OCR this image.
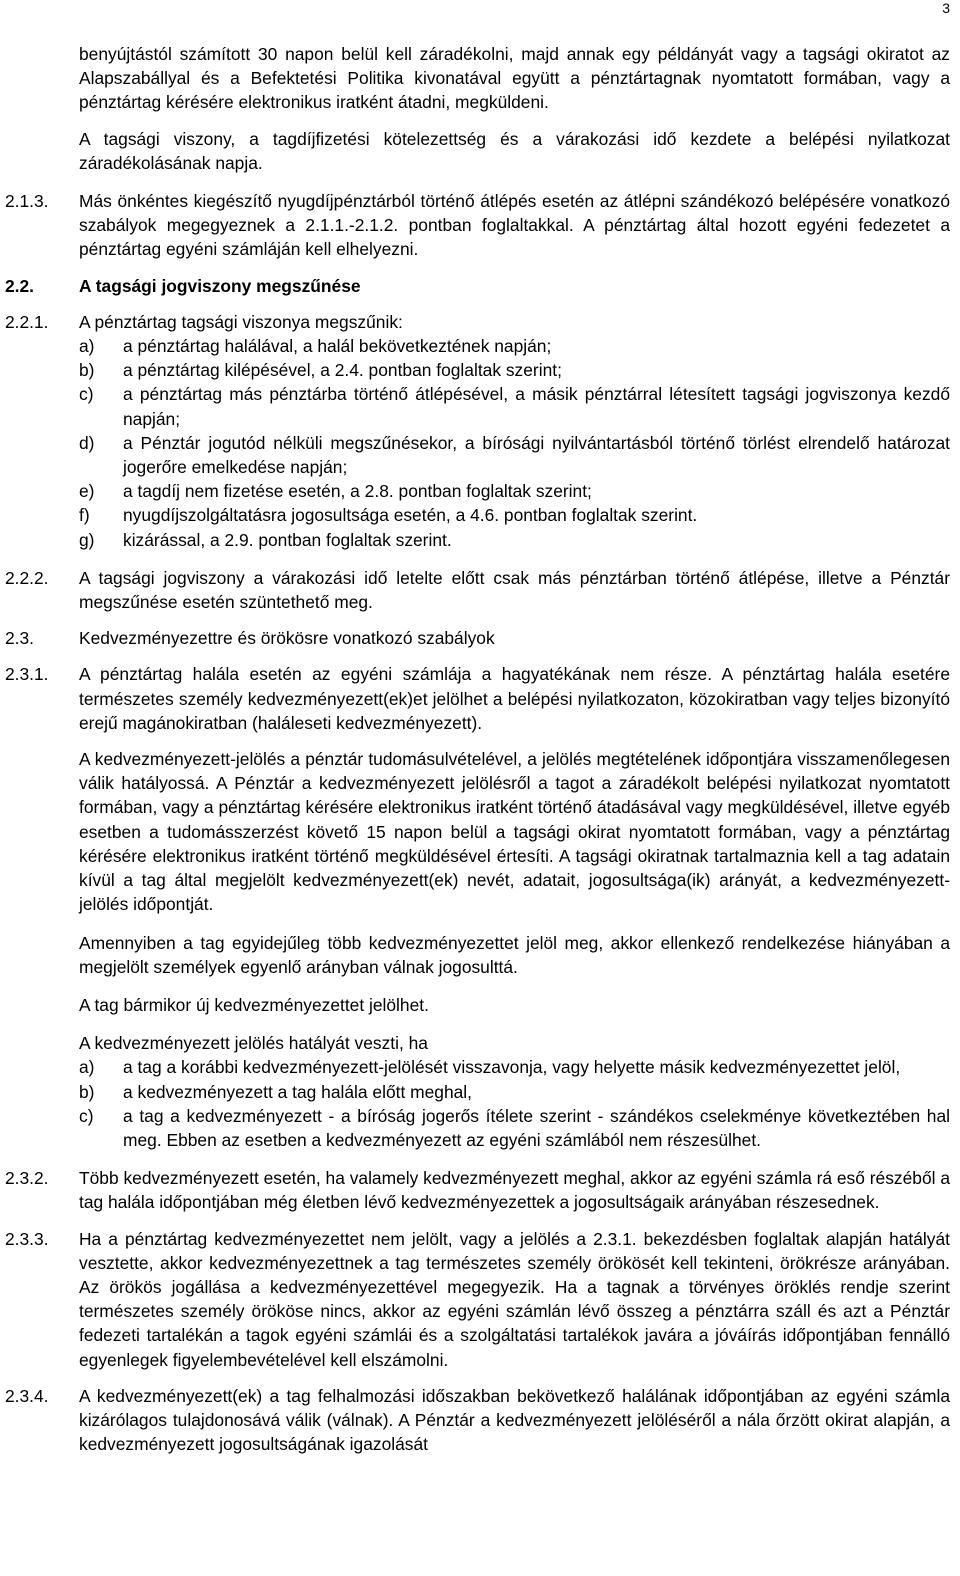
3

benyújtástól számított 30 napon belül kell záradékolni, majd annak egy példányát vagy a tagsági okiratot az Alapszabállyal és a Befektetési Politika kivonatával együtt a pénztártagnak nyomtatott formában, vagy a pénztártag kérésére elektronikus iratként átadni, megküldeni.

A tagsági viszony, a tagdíjfizetési kötelezettség és a várakozási idő kezdete a belépési nyilatkozat záradékolásának napja.

2.1.3. Más önkéntes kiegészítő nyugdíjpénztárból történő átlépés esetén az átlépni szándékozó belépésére vonatkozó szabályok megegyeznek a 2.1.1.-2.1.2. pontban foglaltakkal. A pénztártag által hozott egyéni fedezetet a pénztártag egyéni számláján kell elhelyezni.
2.2.	A tagsági jogviszony megszűnése
2.2.1. A pénztártag tagsági viszonya megszűnik:
a) a pénztártag halálával, a halál bekövetkeztének napján;
b) a pénztártag kilépésével, a 2.4. pontban foglaltak szerint;
c) a pénztártag más pénztárba történő átlépésével, a másik pénztárral létesített tagsági jogviszonya kezdő napján;
d) a Pénztár jogutód nélküli megszűnésekor, a bírósági nyilvántartásból történő törlést elrendelő határozat jogerőre emelkedése napján;
e) a tagdíj nem fizetése esetén, a 2.8. pontban foglaltak szerint;
f) nyugdíjszolgáltatásra jogosultsága esetén, a 4.6. pontban foglaltak szerint.
g) kizárással, a 2.9. pontban foglaltak szerint.
2.2.2. A tagsági jogviszony a várakozási idő letelte előtt csak más pénztárban történő átlépése, illetve a Pénztár megszűnése esetén szüntethető meg.
2.3.	Kedvezményezettre és örökösre vonatkozó szabályok
2.3.1. A pénztártag halála esetén az egyéni számlája a hagyatékának nem része. A pénztártag halála esetére természetes személy kedvezményezett(ek)et jelölhet a belépési nyilatkozaton, közokiratban vagy teljes bizonyító erejű magánokiratban (haláleseti kedvezményezett).

A kedvezményezett-jelölés a pénztár tudomásulvételével, a jelölés megtételének időpontjára visszamenőlegesen válik hatályossá. A Pénztár a kedvezményezett jelölésről a tagot a záradékolt belépési nyilatkozat nyomtatott formában, vagy a pénztártag kérésére elektronikus iratként történő átadásával vagy megküldésével, illetve egyéb esetben a tudomásszerzést követő 15 napon belül a tagsági okirat nyomtatott formában, vagy a pénztártag kérésére elektronikus iratként történő megküldésével értesíti. A tagsági okiratnak tartalmaznia kell a tag adatain kívül a tag által megjelölt kedvezményezett(ek) nevét, adatait, jogosultsága(ik) arányát, a kedvezményezett-jelölés időpontját.

Amennyiben a tag egyidejűleg több kedvezményezettet jelöl meg, akkor ellenkező rendelkezése hiányában a megjelölt személyek egyenlő arányban válnak jogosulttá.

A tag bármikor új kedvezményezettet jelölhet.

A kedvezményezett jelölés hatályát veszti, ha

a) a tag a korábbi kedvezményezett-jelölését visszavonja, vagy helyette másik kedvezményezettet jelöl,
b) a kedvezményezett a tag halála előtt meghal,
c) a tag a kedvezményezett - a bíróság jogerős ítélete szerint - szándékos cselekménye következtében hal meg. Ebben az esetben a kedvezményezett az egyéni számlából nem részesülhet.
2.3.2. Több kedvezményezett esetén, ha valamely kedvezményezett meghal, akkor az egyéni számla rá eső részéből a tag halála időpontjában még életben lévő kedvezményezettek a jogosultságaik arányában részesednek.
2.3.3. Ha a pénztártag kedvezményezettet nem jelölt, vagy a jelölés a 2.3.1. bekezdésben foglaltak alapján hatályát vesztette, akkor kedvezményezettnek a tag természetes személy örökösét kell tekinteni, örökrésze arányában. Az örökös jogállása a kedvezményezettével megegyezik. Ha a tagnak a törvényes öröklés rendje szerint természetes személy örököse nincs, akkor az egyéni számlán lévő összeg a pénztárra száll és azt a Pénztár fedezeti tartalékán a tagok egyéni számlái és a szolgáltatási tartalékok javára a jóváírás időpontjában fennálló egyenlegek figyelembevételével kell elszámolni.
2.3.4. A kedvezményezett(ek) a tag felhalmozási időszakban bekövetkező halálának időpontjában az egyéni számla kizárólagos tulajdonosává válik (válnak). A Pénztár a kedvezményezett jelöléséről a nála őrzött okirat alapján, a kedvezményezett jogosultságának igazolását
